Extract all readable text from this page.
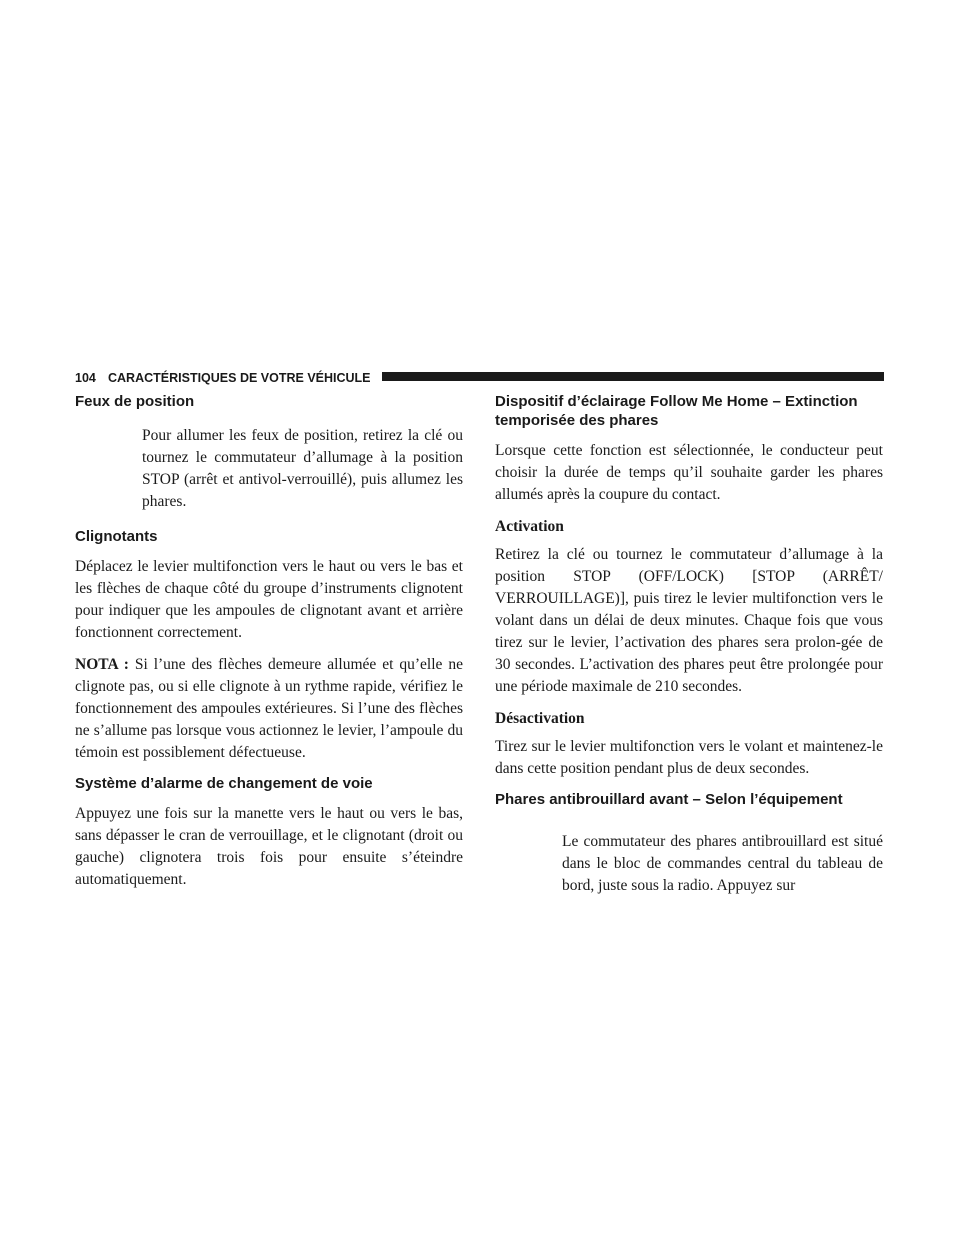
104 CARACTÉRISTIQUES DE VOTRE VÉHICULE
Feux de position

Pour allumer les feux de position, retirez la clé ou tournez le commutateur d’allumage à la position STOP (arrêt et antivol-verrouillé), puis allumez les phares.

Clignotants

Déplacez le levier multifonction vers le haut ou vers le bas et les flèches de chaque côté du groupe d’instruments clignotent pour indiquer que les ampoules de clignotant avant et arrière fonctionnent correctement.

NOTA : Si l’une des flèches demeure allumée et qu’elle ne clignote pas, ou si elle clignote à un rythme rapide, vérifiez le fonctionnement des ampoules extérieures. Si l’une des flèches ne s’allume pas lorsque vous actionnez le levier, l’ampoule du témoin est possiblement défectueuse.

Système d’alarme de changement de voie

Appuyez une fois sur la manette vers le haut ou vers le bas, sans dépasser le cran de verrouillage, et le clignotant (droit ou gauche) clignotera trois fois pour ensuite s’éteindre automatiquement.

Dispositif d’éclairage Follow Me Home – Extinction temporisée des phares

Lorsque cette fonction est sélectionnée, le conducteur peut choisir la durée de temps qu’il souhaite garder les phares allumés après la coupure du contact.

Activation

Retirez la clé ou tournez le commutateur d’allumage à la position STOP (OFF/LOCK) [STOP (ARRÊT/ VERROUILLAGE)], puis tirez le levier multifonction vers le volant dans un délai de deux minutes. Chaque fois que vous tirez sur le levier, l’activation des phares sera prolon-gée de 30 secondes. L’activation des phares peut être prolongée pour une période maximale de 210 secondes.

Désactivation

Tirez sur le levier multifonction vers le volant et maintenez-le dans cette position pendant plus de deux secondes.

Phares antibrouillard avant – Selon l’équipement

Le commutateur des phares antibrouillard est situé dans le bloc de commandes central du tableau de bord, juste sous la radio. Appuyez sur
